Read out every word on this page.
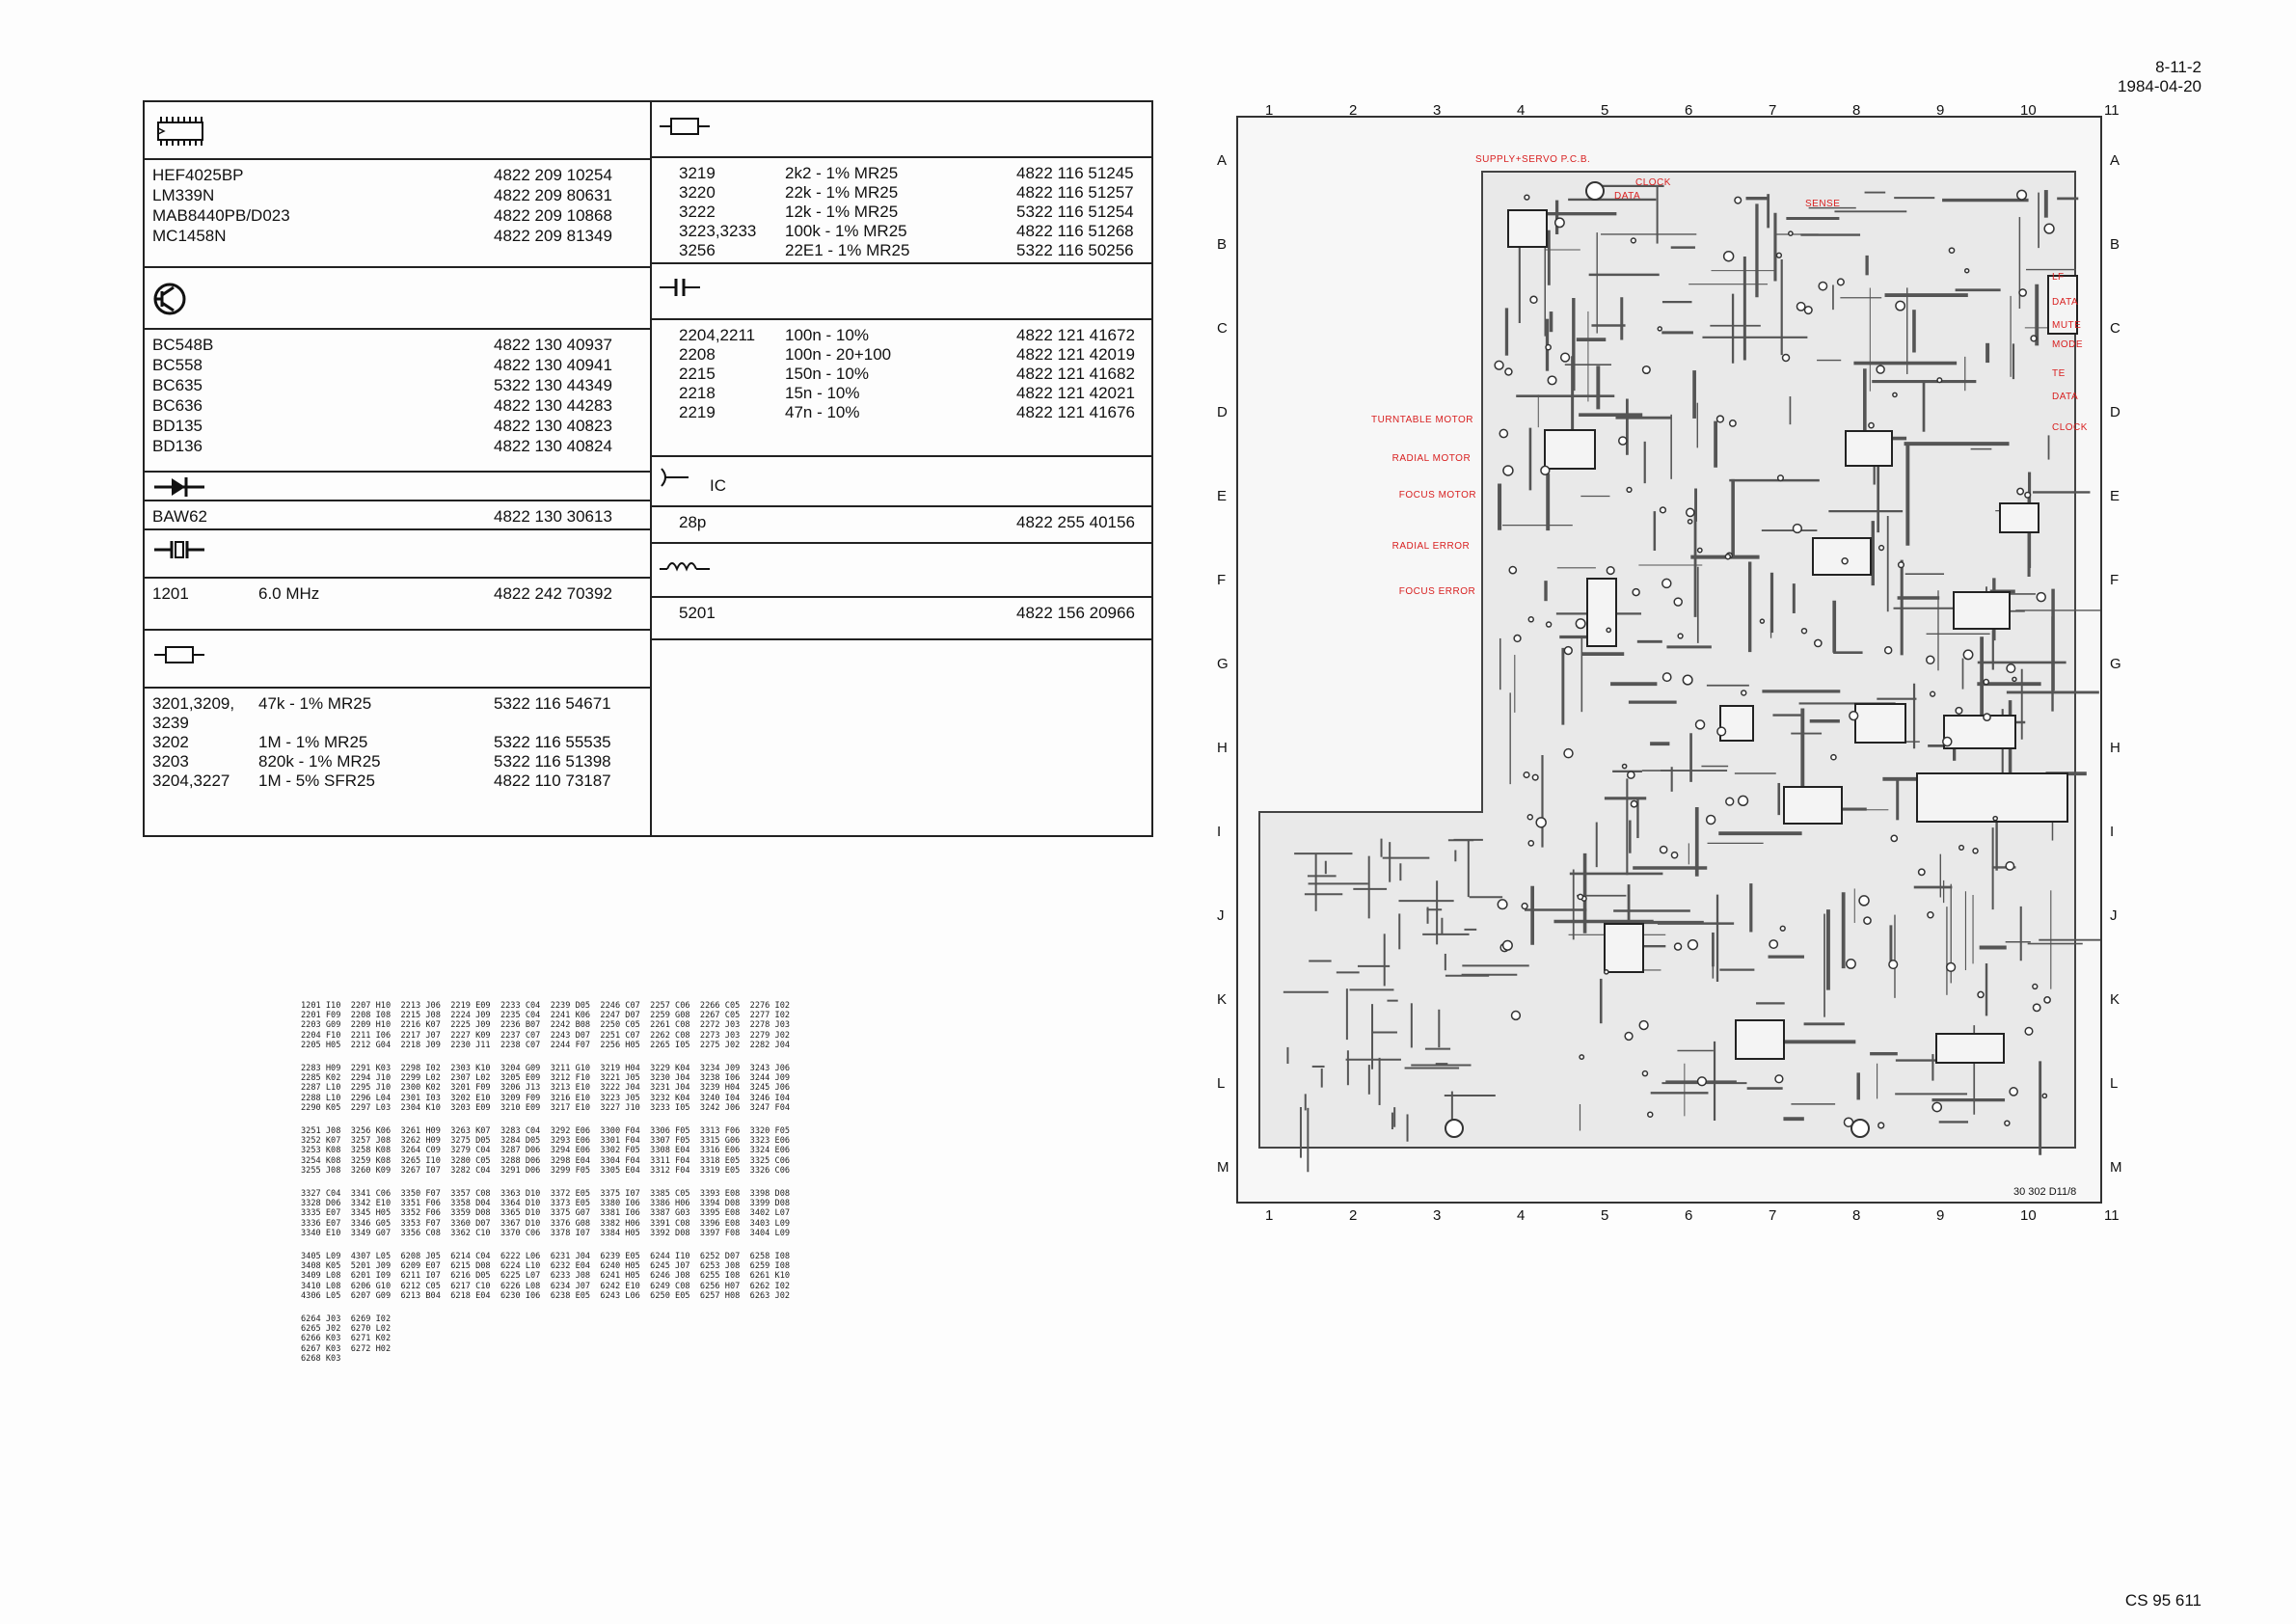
8-11-2
1984-04-20
HEF4025BP	4822 209 10254
LM339N	4822 209 80631
MAB8440PB/D023	4822 209 10868
MC1458N	4822 209 81349
BC548B	4822 130 40937
BC558	4822 130 40941
BC635	5322 130 44349
BC636	4822 130 44283
BD135	4822 130 40823
BD136	4822 130 40824
BAW62	4822 130 30613
1201	6.0 MHz	4822 242 70392
3201,3209, 47k - 1% MR25	5322 116 54671
3239
3202	1M - 1% MR25	5322 116 55535
3203	820k - 1% MR25	5322 116 51398
3204,3227 1M - 5% SFR25	4822 110 73187
3219	2k2 - 1% MR25	4822 116 51245
3220	22k - 1% MR25	4822 116 51257
3222	12k - 1% MR25	5322 116 51254
3223,3233 100k - 1% MR25	4822 116 51268
3256	22E1 - 1% MR25	5322 116 50256
2204,2211 100n - 10%	4822 121 41672
2208	100n - 20+100	4822 121 42019
2215	150n - 10%	4822 121 41682
2218	15n - 10%	4822 121 42021
2219	47n - 10%	4822 121 41676
IC
28p	4822 255 40156
5201	4822 156 20966
1
1
2
2
3
3
4
4
5
5
6
6
7
7
8
8
9
9
10
10
11
11
A	A
B	B
C	C
D	D
E	E
F	F
G	G
H	H
I	I
J	J
K	K
L	L
M	M
SUPPLY+SERVO P.C.B.
30 302 D11/8
TURNTABLE MOTOR
RADIAL MOTOR
FOCUS MOTOR
RADIAL ERROR
FOCUS ERROR
CLOCK
DATA
SENSE
LF
DATA
MUTE
MODE
TE
DATA
CLOCK
1201 I10  2207 H10  2213 J06  2219 E09  2233 C04  2239 D05  2246 C07  2257 C06  2266 C05  2276 I02
2201 F09  2208 I08  2215 J08  2224 J09  2235 C04  2241 K06  2247 D07  2259 G08  2267 C05  2277 I02
2203 G09  2209 H10  2216 K07  2225 J09  2236 B07  2242 B08  2250 C05  2261 C08  2272 J03  2278 J03
2204 F10  2211 I06  2217 J07  2227 K09  2237 C07  2243 D07  2251 C07  2262 C08  2273 J03  2279 J02
2205 H05  2212 G04  2218 J09  2230 J11  2238 C07  2244 F07  2256 H05  2265 I05  2275 J02  2282 J04
2283 H09  2291 K03  2298 I02  2303 K10  3204 G09  3211 G10  3219 H04  3229 K04  3234 J09  3243 J06
2285 K02  2294 J10  2299 L02  2307 L02  3205 E09  3212 F10  3221 J05  3230 J04  3238 I06  3244 J09
2287 L10  2295 J10  2300 K02  3201 F09  3206 J13  3213 E10  3222 J04  3231 J04  3239 H04  3245 J06
2288 L10  2296 L04  2301 I03  3202 E10  3209 F09  3216 E10  3223 J05  3232 K04  3240 I04  3246 I04
2290 K05  2297 L03  2304 K10  3203 E09  3210 E09  3217 E10  3227 J10  3233 I05  3242 J06  3247 F04
3251 J08  3256 K06  3261 H09  3263 K07  3283 C04  3292 E06  3300 F04  3306 F05  3313 F06  3320 F05
3252 K07  3257 J08  3262 H09  3275 D05  3284 D05  3293 E06  3301 F04  3307 F05  3315 G06  3323 E06
3253 K08  3258 K08  3264 C09  3279 C04  3287 D06  3294 E06  3302 F05  3308 E04  3316 E06  3324 E06
3254 K08  3259 K08  3265 I10  3280 C05  3288 D06  3298 E04  3304 F04  3311 F04  3318 E05  3325 C06
3255 J08  3260 K09  3267 I07  3282 C04  3291 D06  3299 F05  3305 E04  3312 F04  3319 E05  3326 C06
3327 C04  3341 C06  3350 F07  3357 C08  3363 D10  3372 E05  3375 I07  3385 C05  3393 E08  3398 D08
3328 D06  3342 E10  3351 F06  3358 D04  3364 D10  3373 E05  3380 I06  3386 H06  3394 D08  3399 D08
3335 E07  3345 H05  3352 F06  3359 D08  3365 D10  3375 G07  3381 I06  3387 G03  3395 E08  3402 L07
3336 E07  3346 G05  3353 F07  3360 D07  3367 D10  3376 G08  3382 H06  3391 C08  3396 E08  3403 L09
3340 E10  3349 G07  3356 C08  3362 C10  3370 C06  3378 I07  3384 H05  3392 D08  3397 F08  3404 L09
3405 L09  4307 L05  6208 J05  6214 C04  6222 L06  6231 J04  6239 E05  6244 I10  6252 D07  6258 I08
3408 K05  5201 J09  6209 E07  6215 D08  6224 L10  6232 E04  6240 H05  6245 J07  6253 J08  6259 I08
3409 L08  6201 I09  6211 I07  6216 D05  6225 L07  6233 J08  6241 H05  6246 J08  6255 I08  6261 K10
3410 L08  6206 G10  6212 C05  6217 C10  6226 L08  6234 J07  6242 E10  6249 C08  6256 H07  6262 I02
4306 L05  6207 G09  6213 B04  6218 E04  6230 I06  6238 E05  6243 L06  6250 E05  6257 H08  6263 J02
6264 J03  6269 I02
6265 J02  6270 L02
6266 K03  6271 K02
6267 K03  6272 H02
6268 K03
CS 95 611
